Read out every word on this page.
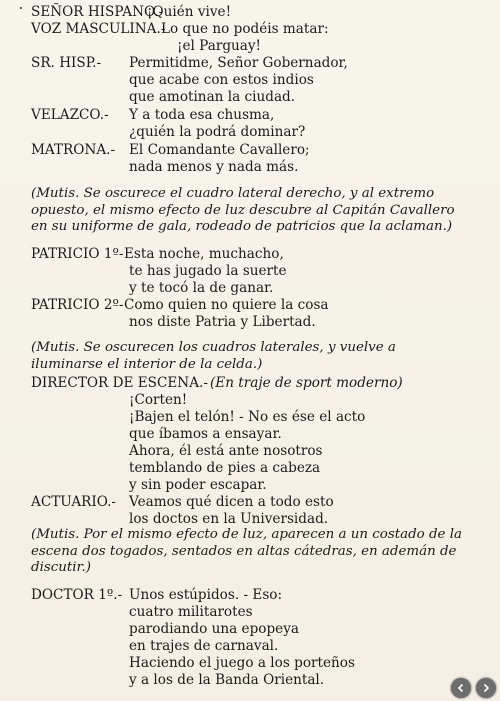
SEÑOR HISPANO.-
¡Quién vive!
VOZ MASCULINA.-
Lo que no podéis matar:
¡el Parguay!
SR. HISP.- Permitidme, Señor Gobernador,
que acabe con estos indios
que amotinan la ciudad.
VELAZCO.- Y a toda esa chusma,
¿quién la podrá dominar?
MATRONA.- El Comandante Cavallero;
nada menos y nada más.
(Mutis. Se oscurece el cuadro lateral derecho, y al extremo opuesto, el mismo efecto de luz descubre al Capitán Cavallero en su uniforme de gala, rodeado de patricios que la aclaman.)
PATRICIO 1º- Esta noche, muchacho,
te has jugado la suerte
y te tocó la de ganar.
PATRICIO 2º- Como quien no quiere la cosa
nos diste Patria y Libertad.
(Mutis. Se oscurecen los cuadros laterales, y vuelve a iluminarse el interior de la celda.)
DIRECTOR DE ESCENA.- (En traje de sport moderno)
¡Corten!
¡Bajen el telón! - No es ése el acto
que íbamos a ensayar.
Ahora, él está ante nosotros
temblando de pies a cabeza
y sin poder escapar.
ACTUARIO.- Veamos qué dicen a todo esto
los doctos en la Universidad.
(Mutis. Por el mismo efecto de luz, aparecen a un costado de la escena dos togados, sentados en altas cátedras, en ademán de discutir.)
DOCTOR 1º.- Unos estúpidos. - Eso:
cuatro militarotes
parodiando una epopeya
en trajes de carnaval.
Haciendo el juego a los porteños
y a los de la Banda Oriental.
